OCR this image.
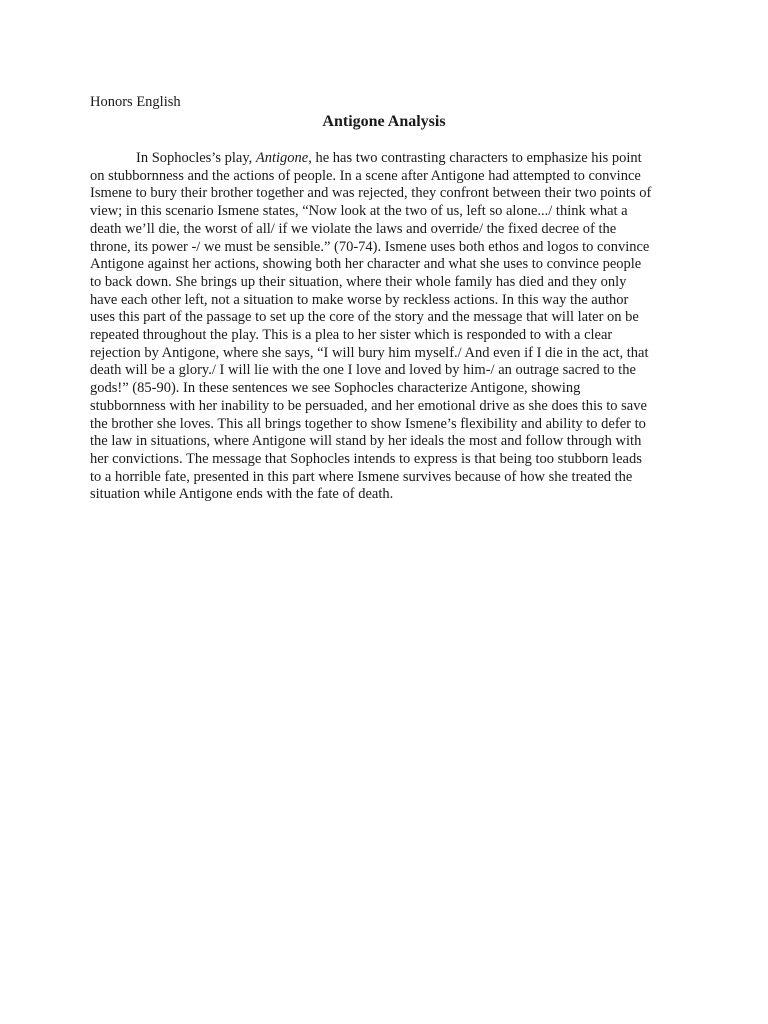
Honors English

Antigone Analysis
In Sophocles’s play, Antigone, he has two contrasting characters to emphasize his point
on stubbornness and the actions of people. In a scene after Antigone had attempted to convince
Ismene to bury their brother together and was rejected, they confront between their two points of
view; in this scenario Ismene states, “Now look at the two of us, left so alone.../ think what a
death we’ll die, the worst of all/ if we violate the laws and override/ the fixed decree of the
throne, its power -/ we must be sensible.” (70-74). Ismene uses both ethos and logos to convince
Antigone against her actions, showing both her character and what she uses to convince people
to back down. She brings up their situation, where their whole family has died and they only
have each other left, not a situation to make worse by reckless actions. In this way the author
uses this part of the passage to set up the core of the story and the message that will later on be
repeated throughout the play. This is a plea to her sister which is responded to with a clear
rejection by Antigone, where she says, “I will bury him myself./ And even if I die in the act, that
death will be a glory./ I will lie with the one I love and loved by him-/ an outrage sacred to the
gods!” (85-90). In these sentences we see Sophocles characterize Antigone, showing
stubbornness with her inability to be persuaded, and her emotional drive as she does this to save
the brother she loves. This all brings together to show Ismene’s flexibility and ability to defer to
the law in situations, where Antigone will stand by her ideals the most and follow through with
her convictions. The message that Sophocles intends to express is that being too stubborn leads
to a horrible fate, presented in this part where Ismene survives because of how she treated the
situation while Antigone ends with the fate of death.
